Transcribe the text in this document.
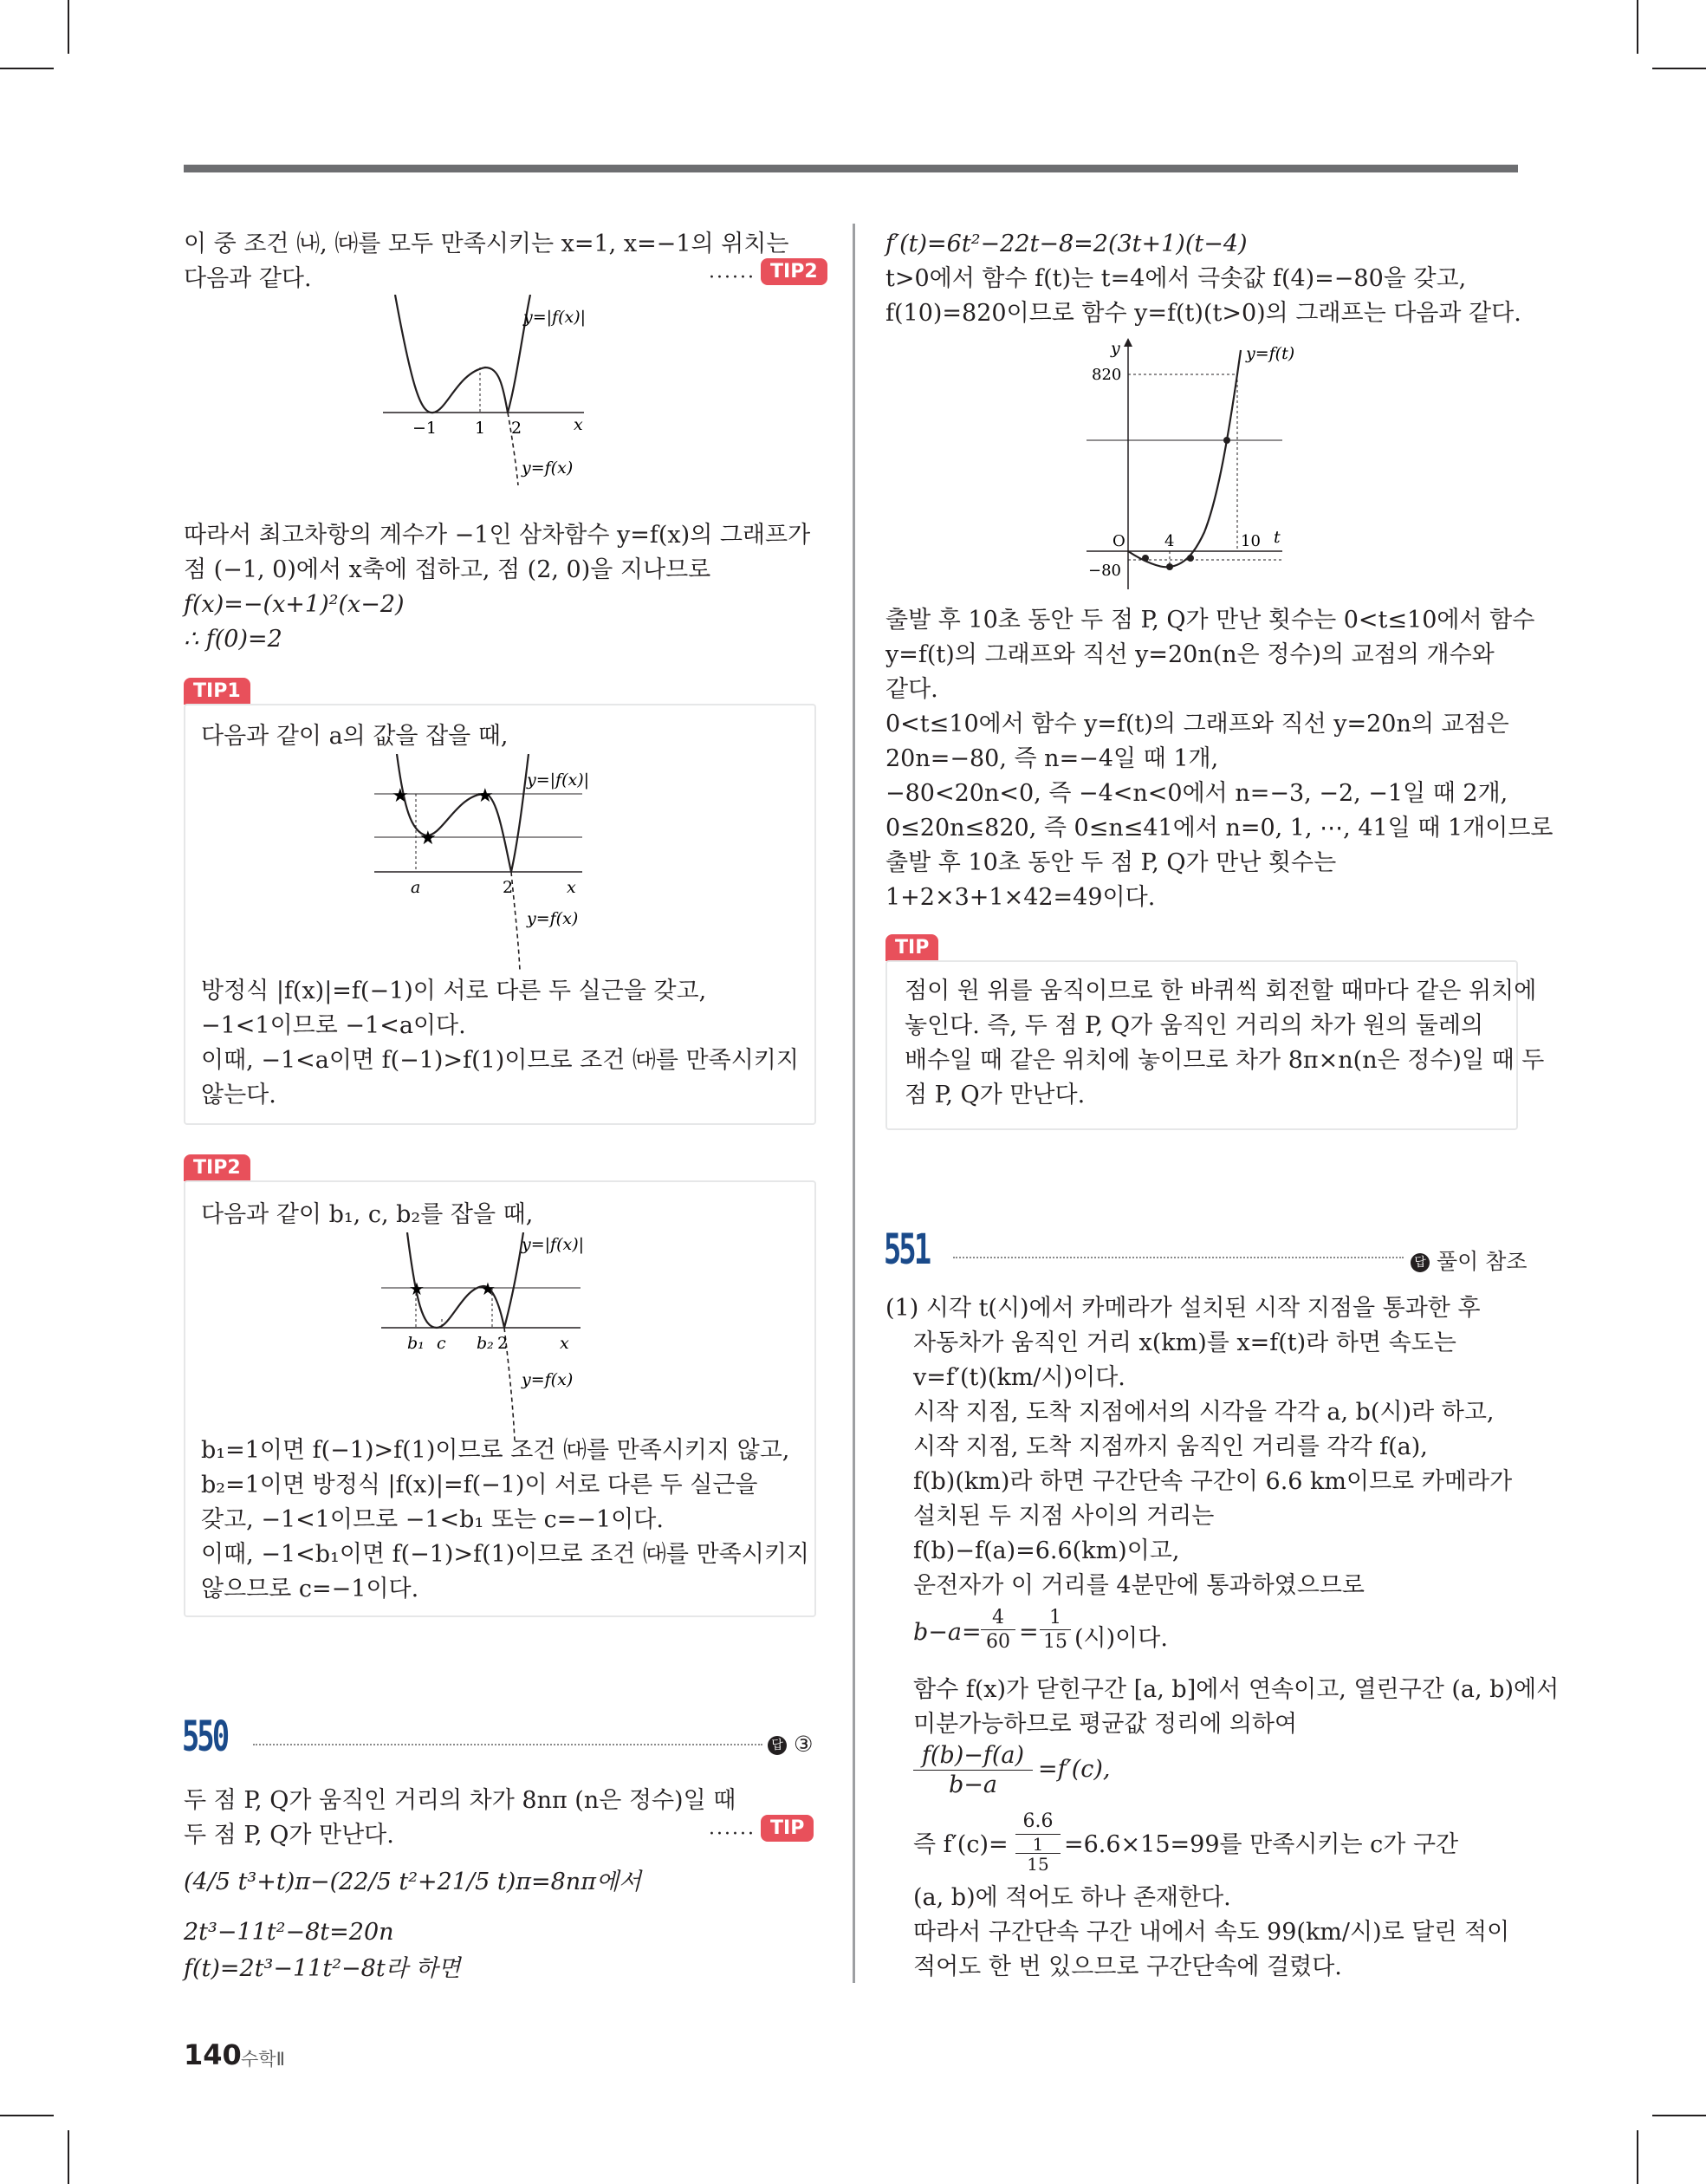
이 중 조건 ㈏, ㈐를 모두 만족시키는 x=1, x=−1의 위치는
다음과 같다.	······ TIP2
y=|f(x)|
y=f(x)
x
−1 1 2
따라서 최고차항의 계수가 −1인 삼차함수 y=f(x)의 그래프가
점 (−1, 0)에서 x축에 접하고, 점 (2, 0)을 지나므로
f(x)=−(x+1)²(x−2)
∴ f(0)=2
TIP1
다음과 같이 a의 값을 잡을 때,
★
★
★
y=|f(x)|
y=f(x)
a	2	x
방정식 |f(x)|=f(−1)이 서로 다른 두 실근을 갖고,
−1<1이므로 −1<a이다.
이때, −1<a이면 f(−1)>f(1)이므로 조건 ㈐를 만족시키지
않는다.
TIP2
다음과 같이 b₁, c, b₂를 잡을 때,
★	★
y=|f(x)|
y=f(x)
b₁ c b₂ 2	x
b₁=1이면 f(−1)>f(1)이므로 조건 ㈐를 만족시키지 않고,
b₂=1이면 방정식 |f(x)|=f(−1)이 서로 다른 두 실근을
갖고, −1<1이므로 −1<b₁ 또는 c=−1이다.
이때, −1<b₁이면 f(−1)>f(1)이므로 조건 ㈐를 만족시키지
않으므로 c=−1이다.
550	답 ③
두 점 P, Q가 움직인 거리의 차가 8nπ (n은 정수)일 때
두 점 P, Q가 만난다.	······ TIP
(4/5 t³+t)π−(22/5 t²+21/5 t)π=8nπ에서
2t³−11t²−8t=20n
f(t)=2t³−11t²−8t라 하면
f′(t)=6t²−22t−8=2(3t+1)(t−4)
t>0에서 함수 f(t)는 t=4에서 극솟값 f(4)=−80을 갖고,
f(10)=820이므로 함수 y=f(t)(t>0)의 그래프는 다음과 같다.
y
820
−80
O	4	10 t
y=f(t)
출발 후 10초 동안 두 점 P, Q가 만난 횟수는 0<t≤10에서 함수
y=f(t)의 그래프와 직선 y=20n(n은 정수)의 교점의 개수와
같다.
0<t≤10에서 함수 y=f(t)의 그래프와 직선 y=20n의 교점은
20n=−80, 즉 n=−4일 때 1개,
−80<20n<0, 즉 −4<n<0에서 n=−3, −2, −1일 때 2개,
0≤20n≤820, 즉 0≤n≤41에서 n=0, 1, ⋯, 41일 때 1개이므로
출발 후 10초 동안 두 점 P, Q가 만난 횟수는
1+2×3+1×42=49이다.
TIP
점이 원 위를 움직이므로 한 바퀴씩 회전할 때마다 같은 위치에
놓인다. 즉, 두 점 P, Q가 움직인 거리의 차가 원의 둘레의
배수일 때 같은 위치에 놓이므로 차가 8π×n(n은 정수)일 때 두
점 P, Q가 만난다.
551	답 풀이 참조
(1) 시각 t(시)에서 카메라가 설치된 시작 지점을 통과한 후
자동차가 움직인 거리 x(km)를 x=f(t)라 하면 속도는
v=f′(t)(km/시)이다.
시작 지점, 도착 지점에서의 시각을 각각 a, b(시)라 하고,
시작 지점, 도착 지점까지 움직인 거리를 각각 f(a),
f(b)(km)라 하면 구간단속 구간이 6.6 km이므로 카메라가
설치된 두 지점 사이의 거리는
f(b)−f(a)=6.6(km)이고,
운전자가 이 거리를 4분만에 통과하였으므로
b−a=
4
60 =
1
15 (시)이다.
함수 f(x)가 닫힌구간 [a, b]에서 연속이고, 열린구간 (a, b)에서
미분가능하므로 평균값 정리에 의하여
f(b)−f(a)
b−a
=f′(c),
즉 f′(c)=
6.6
1
15
=6.6×15=99를 만족시키는 c가 구간
(a, b)에 적어도 하나 존재한다.
따라서 구간단속 구간 내에서 속도 99(km/시)로 달린 적이
적어도 한 번 있으므로 구간단속에 걸렸다.
140 수학Ⅱ
